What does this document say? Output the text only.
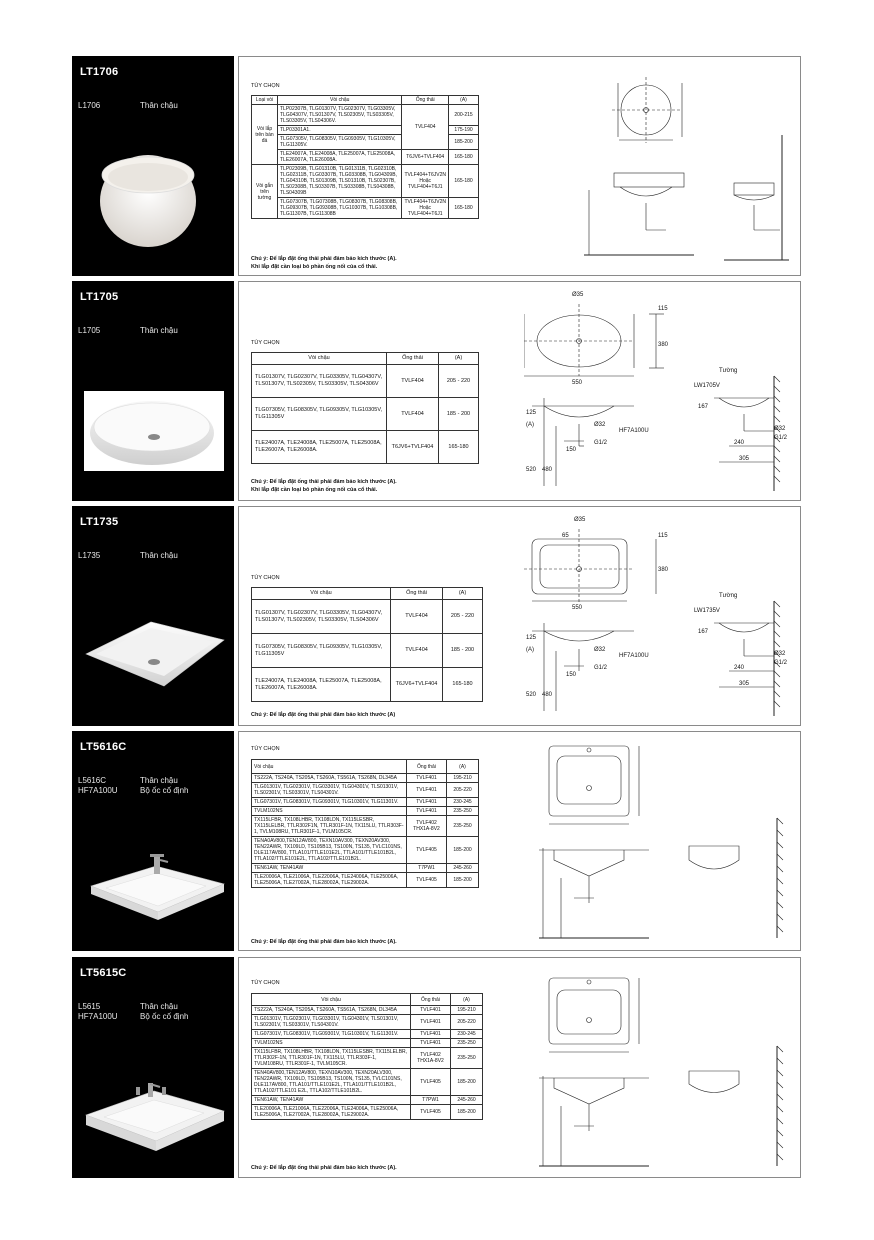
LT1706
L1706	Thân chậu
TÙY CHỌN
Loại vòi	Vòi chậu	Ống thải	(A)
Vòi lắp trên bàn đá	TLP02307B, TLG01307V, TLG02307V, TLG03305V, TLG04307V, TLS01307V, TLS02305V, TLS03305V, TLS03305V, TLS04306V.	TVLF404	200-215
	TLP03301A1.		175-190
	TLG07305V, TLG08305V, TLG09305V, TLG10305V, TLG11305V.		185-200
	TLE24007A, TLE24008A, TLE25007A, TLE25008A, TLE26007A, TLE26008A.	T6JV6+TVLF404	165-180
Vòi gắn trên tường	TLP02309B, TLG01310B, TLG01311B, TLG02310B, TLG02311B, TLG03307B, TLG03308B, TLG04309B, TLG04310B, TLS01309B, TLS01310B, TLS02307B, TLS02308B, TLS03307B, TLS03308B, TLS04308B, TLS04309B	TVLF404+T6JV2N Hoặc TVLF404+T6J1	165-180
	TLG07307B, TLG07308B, TLG08307B, TLG08308B, TLG09307B, TLG09308B, TLG10307B, TLG10308B, TLG11307B, TLG11308B	TVLF404+T6JV2N Hoặc TVLF404+T6J1	165-180
Chú ý: Để lắp đặt ống thải phải đảm bảo kích thước (A).
Khi lắp đặt cần loại bỏ phần ống nối của cổ thải.
LT1705
L1705	Thân chậu
TÙY CHỌN
Vòi chậu	Ống thải	(A)
TLG01307V, TLG02307V, TLG03305V, TLG04307V, TLS01307V, TLS02305V, TLS03305V, TLS04306V	TVLF404	205 - 220
TLG07305V, TLG08305V, TLG09305V, TLG10305V, TLG11305V	TVLF404	185 - 200
TLE24007A, TLE24008A, TLE25007A, TLE25008A, TLE26007A, TLE26008A.	T6JV6+TVLF404	165-180
Chú ý: Để lắp đặt ống thải phải đảm bảo kích thước (A).
Khi lắp đặt cần loại bỏ phần ống nối của cổ thải.
Ø35
550
380
115
Tường
LW1705V
HF7A100U
Ø32
G1/2
150
520 480
125
(A)
167
240
305
Ø32
G1/2
LT1735
L1735	Thân chậu
TÙY CHỌN
Vòi chậu	Ống thải	(A)
TLG01307V, TLG02307V, TLG03305V, TLG04307V, TLS01307V, TLS02305V, TLS03305V, TLS04306V	TVLF404	205 - 220
TLG07305V, TLG08305V, TLG09305V, TLG10305V, TLG11305V	TVLF404	185 - 200
TLE24007A, TLE24008A, TLE25007A, TLE25008A, TLE26007A, TLE26008A.	T6JV6+TVLF404	165-180
Chú ý: Để lắp đặt ống thải phải đảm bảo kích thước (A)
Ø35
550
380
115
65
Tường
LW1735V
HF7A100U
Ø32
G1/2
150
520 480
125
(A)
167
240
305
Ø32
G1/2
LT5616C
L5616C	Thân chậu
HF7A100U	Bộ ốc cố định
TÙY CHỌN
Vòi chậu	Ống thải	(A)
TS222A, TS240A, TS205A, TS260A, TS561A, TS268N, DL345A	TVLF401	195-210
TLG01301V, TLG02301V, TLG03301V, TLG04301V, TLS01301V, TLS02301V, TLS03301V, TLS04301V.	TVLF401	205-220
TLG07301V, TLG08301V, TLG09301V, TLG10301V, TLG11301V.	TVLF401	230-245
TVLM102NS	TVLF401	235-250
TX115LFBR, TX108LHBR, TX108LDN, TX115LESBR, TX115LELBR, TTLR302F1N, TTLR301F-1N, TX115LU, TTLR303F-1, TVLM108RU, TTLR301F-1, TVLM105CR.	TVLF402 THX1A-8V2	235-250
TENA0AV800,TEN12AV800, TEXN10AV300, TEXN20AV300, TEN22AWR, TX109LD, TS105B13, TS100N, TS135, TVLC101NS, DLE117AV800, TTLA101/TTLE101E2L, TTLA101/TTLE101B2L, TTLA102/TTLE101E2L, TTLA102/TTLE101B2L.	TVLF405	185-200
TEN61AW, TEN41AW	T7PW1	245-260
TLE20006A, TLE21006A, TLE22006A, TLE24006A, TLE25006A, TLE25006A, TLE27002A, TLE28002A, TLE29002A.	TVLF405	185-200
Chú ý: Để lắp đặt ống thải phải đảm bảo kích thước (A).
LT5615C
L5615	Thân chậu
HF7A100U	Bộ ốc cố định
TÙY CHỌN
Vòi chậu	Ống thải	(A)
TS222A, TS240A, TS205A, TS260A, TS561A, TS268N, DL345A	TVLF401	195-210
TLG01301V, TLG02301V, TLG03301V, TLG04301V, TLS01301V, TLS02301V, TLS03301V, TLS04301V.	TVLF401	205-220
TLG07301V, TLG08301V, TLG09301V, TLG10301V, TLG11301V.	TVLF401	230-245
TVLM102NS	TVLF401	235-250
TX115LFBR, TX108LHBR, TX108LDN, TX115LESBR, TX115LELBR, TTLR302F-1N, TTLR301F-1N, TX115LU, TTLR303F-1, TVLM108RU, TTLR301F-1, TVLM105CR.	TVLF402 THX1A-8V2	235-250
TEN40AV800,TEN12AV800, TEXN10AV300, TEXN20ALV300, TEN22AWR, TX109LD, TS105B13, TS100N, TS135, TVLC101NS, DLE117AV800, TTLA101/TTLE101E2L, TTLA101/TTLE101B2L, TTLA102/TTLE101 E2L, TTLA102/TTLE101B2L.	TVLF405	185-200
TEN61AW, TEN41AW	T7PW1	245-260
TLE20006A, TLE21006A, TLE22006A, TLE24006A, TLE25006A, TLE25006A, TLE27002A, TLE28002A, TLE29002A.	TVLF405	185-200
Chú ý: Để lắp đặt ống thải phải đảm bảo kích thước (A).
